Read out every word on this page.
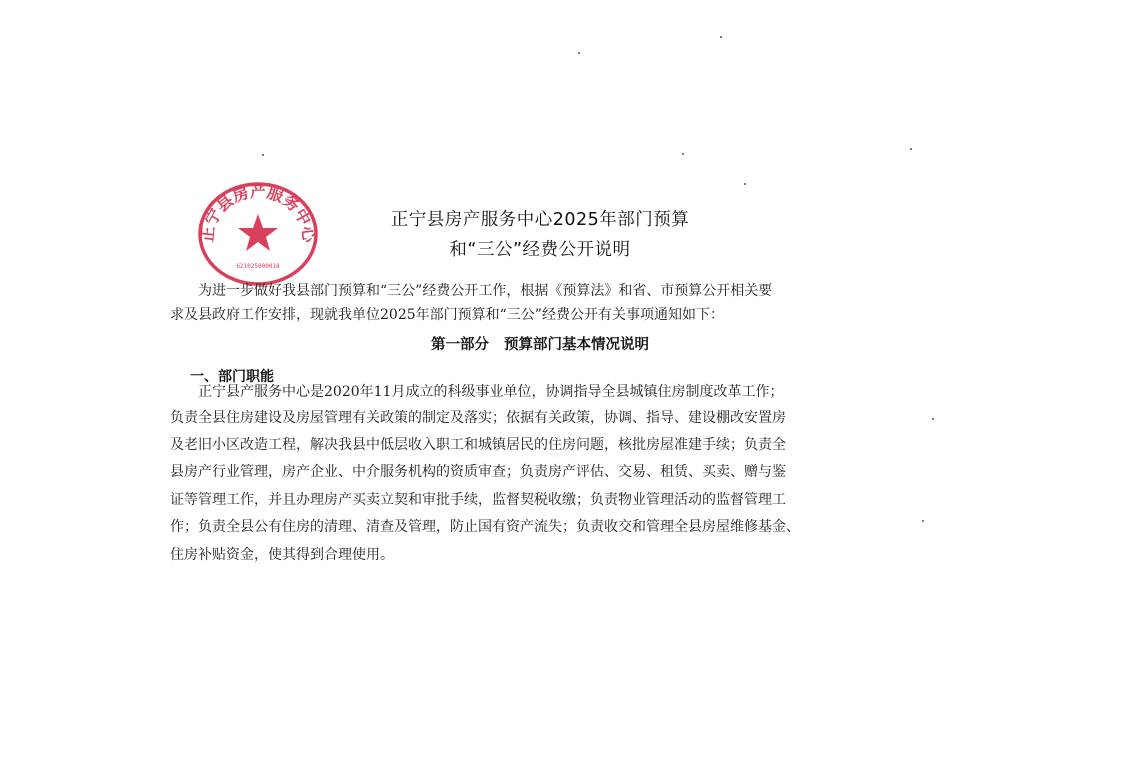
正宁县房产服务中心
621025000018
正宁县房产服务中心2025年部门预算
和“三公”经费公开说明
为进一步做好我县部门预算和“三公”经费公开工作，根据《预算法》和省、市预算公开相关要
求及县政府工作安排，现就我单位2025年部门预算和“三公”经费公开有关事项通知如下：
第一部分 预算部门基本情况说明
一、部门职能
正宁县产服务中心是2020年11月成立的科级事业单位，协调指导全县城镇住房制度改革工作；
负责全县住房建设及房屋管理有关政策的制定及落实；依据有关政策，协调、指导、建设棚改安置房
及老旧小区改造工程，解决我县中低层收入职工和城镇居民的住房问题，核批房屋准建手续；负责全
县房产行业管理，房产企业、中介服务机构的资质审查；负责房产评估、交易、租赁、买卖、赠与鉴
证等管理工作，并且办理房产买卖立契和审批手续，监督契税收缴；负责物业管理活动的监督管理工
作；负责全县公有住房的清理、清查及管理，防止国有资产流失；负责收交和管理全县房屋维修基金、
住房补贴资金，使其得到合理使用。
